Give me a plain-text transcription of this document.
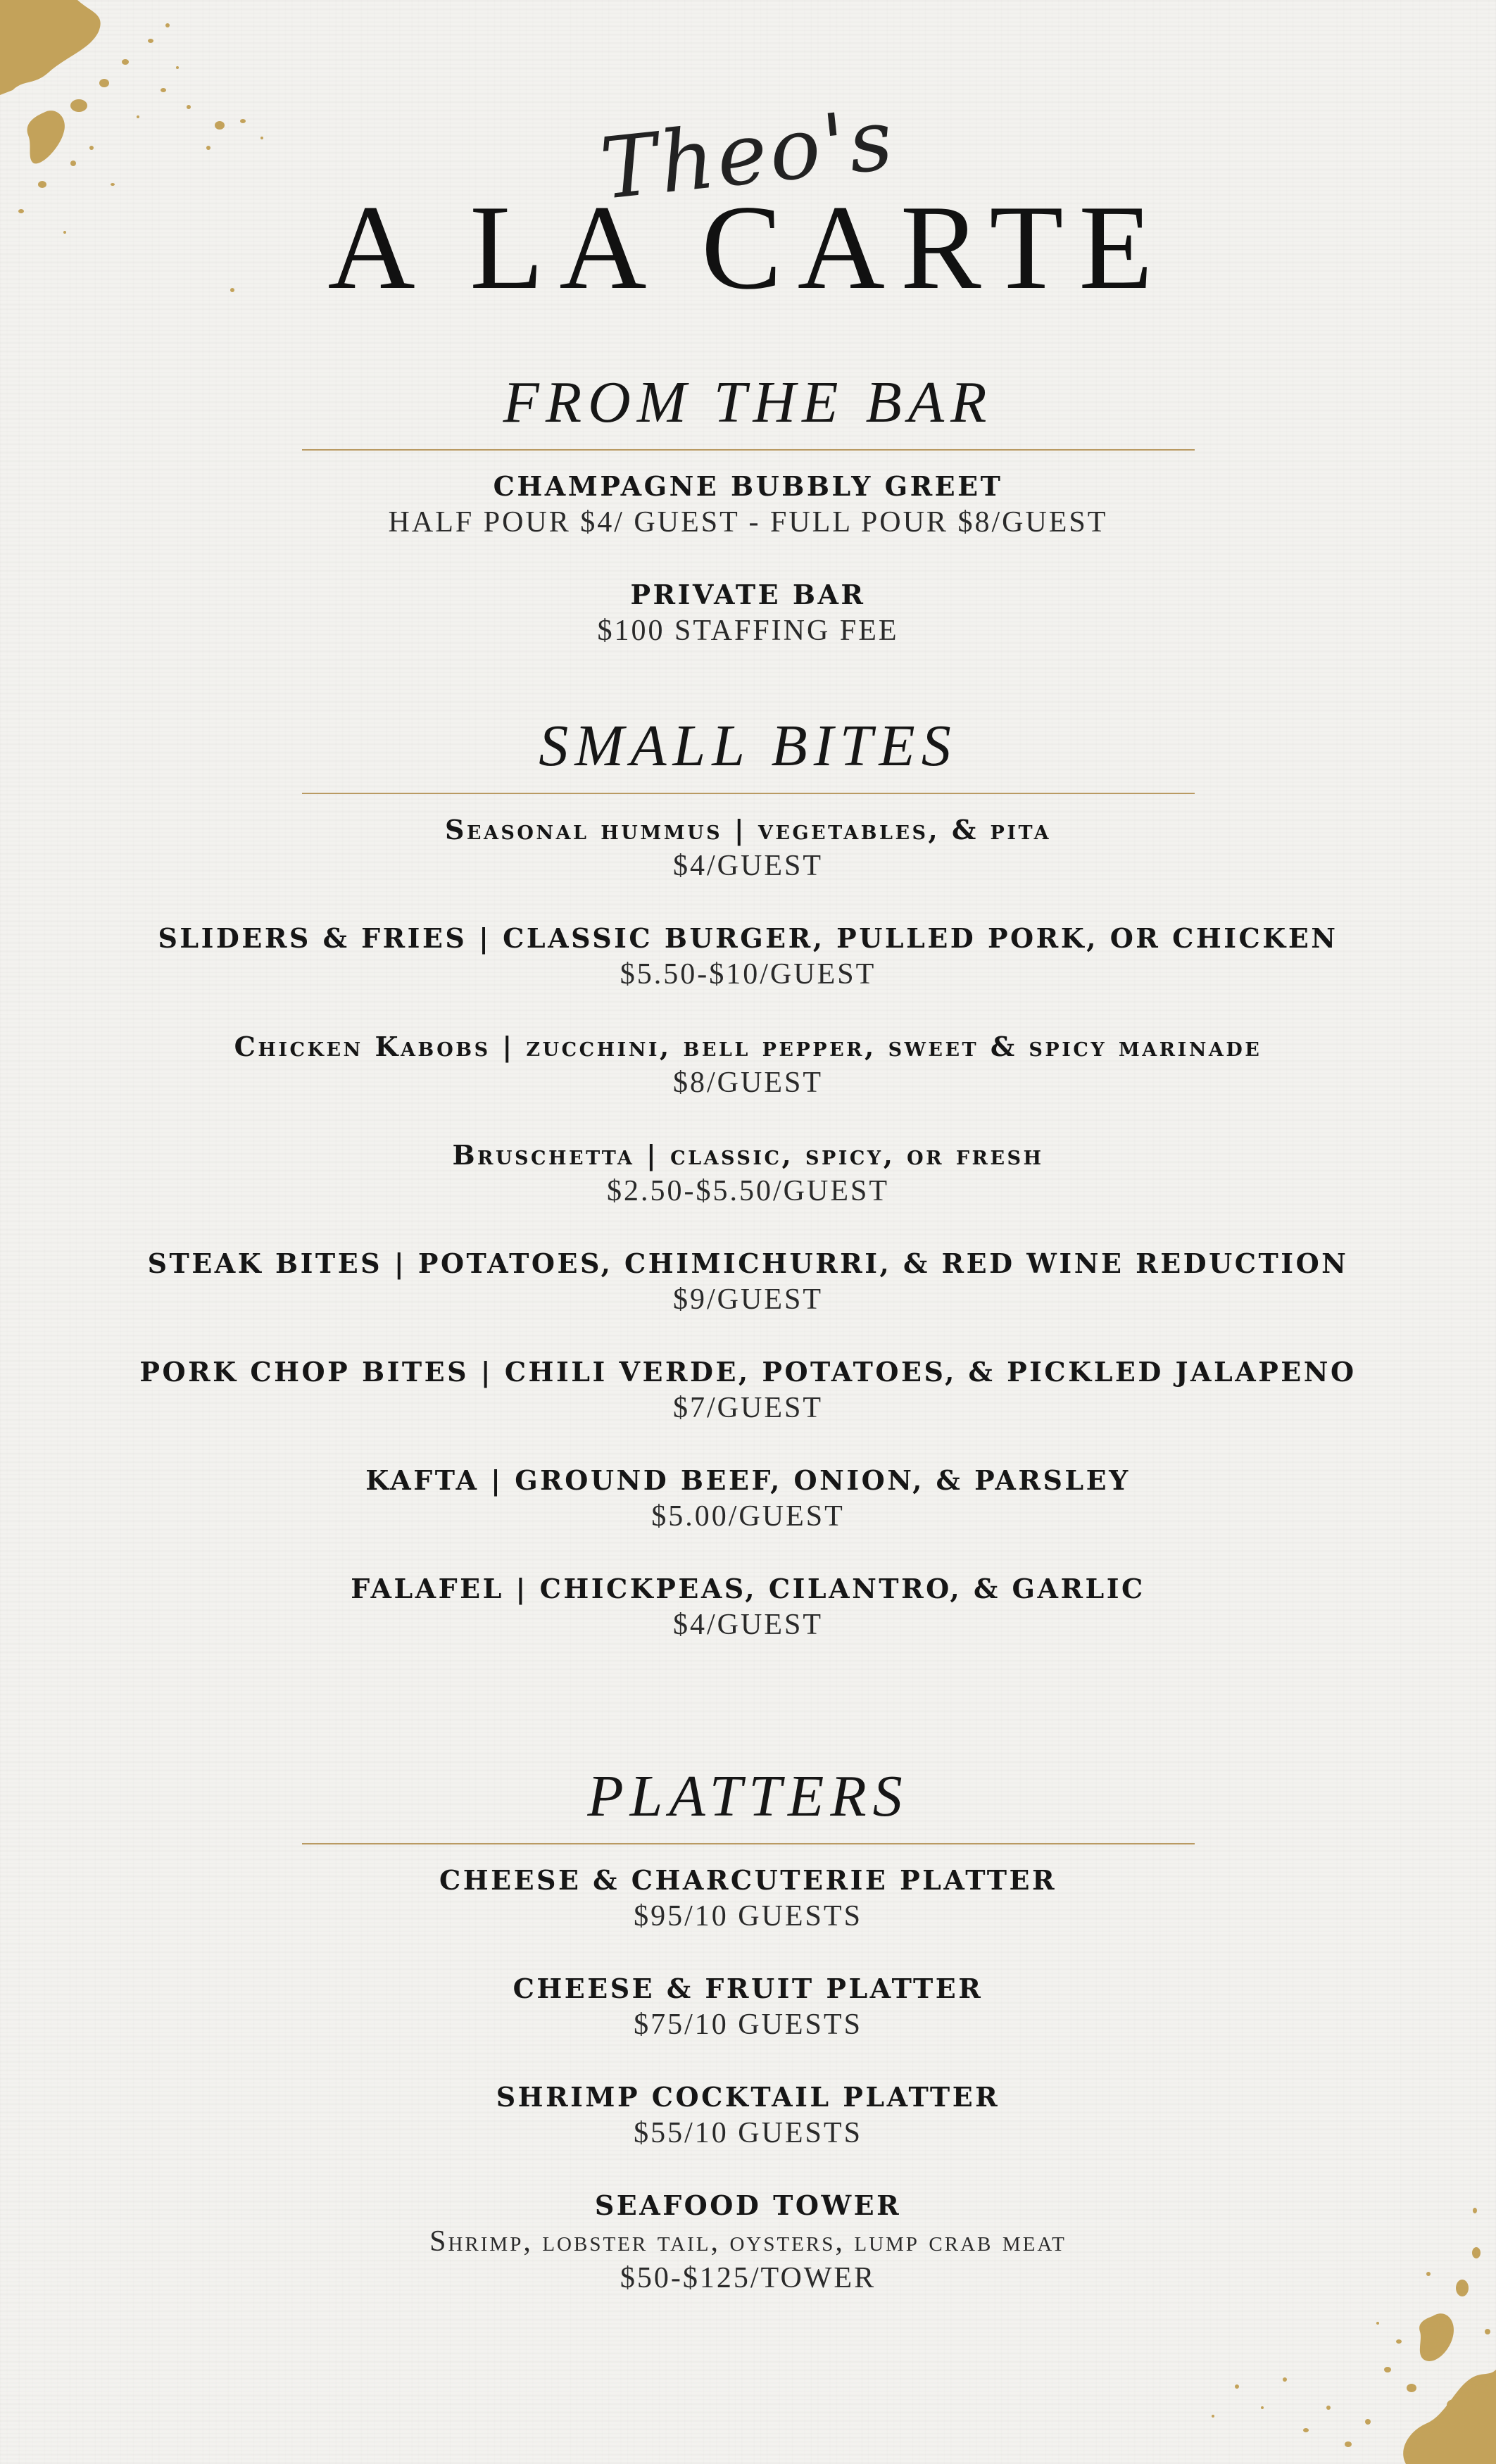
Theo's
A LA CARTE
FROM THE BAR
CHAMPAGNE BUBBLY GREET
HALF POUR $4/ GUEST - FULL POUR $8/GUEST
PRIVATE BAR
$100 STAFFING FEE
SMALL BITES
Seasonal hummus | vegetables, & pita
$4/GUEST
SLIDERS & FRIES | CLASSIC BURGER, PULLED PORK, OR CHICKEN
$5.50-$10/GUEST
Chicken Kabobs | zucchini, bell pepper, sweet & spicy marinade
$8/GUEST
Bruschetta | classic, spicy, or fresh
$2.50-$5.50/GUEST
STEAK BITES | POTATOES, CHIMICHURRI, & RED WINE REDUCTION
$9/GUEST
PORK CHOP BITES | CHILI VERDE, POTATOES, & PICKLED JALAPENO
$7/GUEST
KAFTA | GROUND BEEF, ONION, & PARSLEY
$5.00/GUEST
FALAFEL | CHICKPEAS, CILANTRO, & GARLIC
$4/GUEST
PLATTERS
CHEESE & CHARCUTERIE PLATTER
$95/10 GUESTS
CHEESE & FRUIT PLATTER
$75/10 GUESTS
SHRIMP COCKTAIL PLATTER
$55/10 GUESTS
SEAFOOD TOWER
Shrimp, lobster tail, oysters, lump crab meat
$50-$125/TOWER
